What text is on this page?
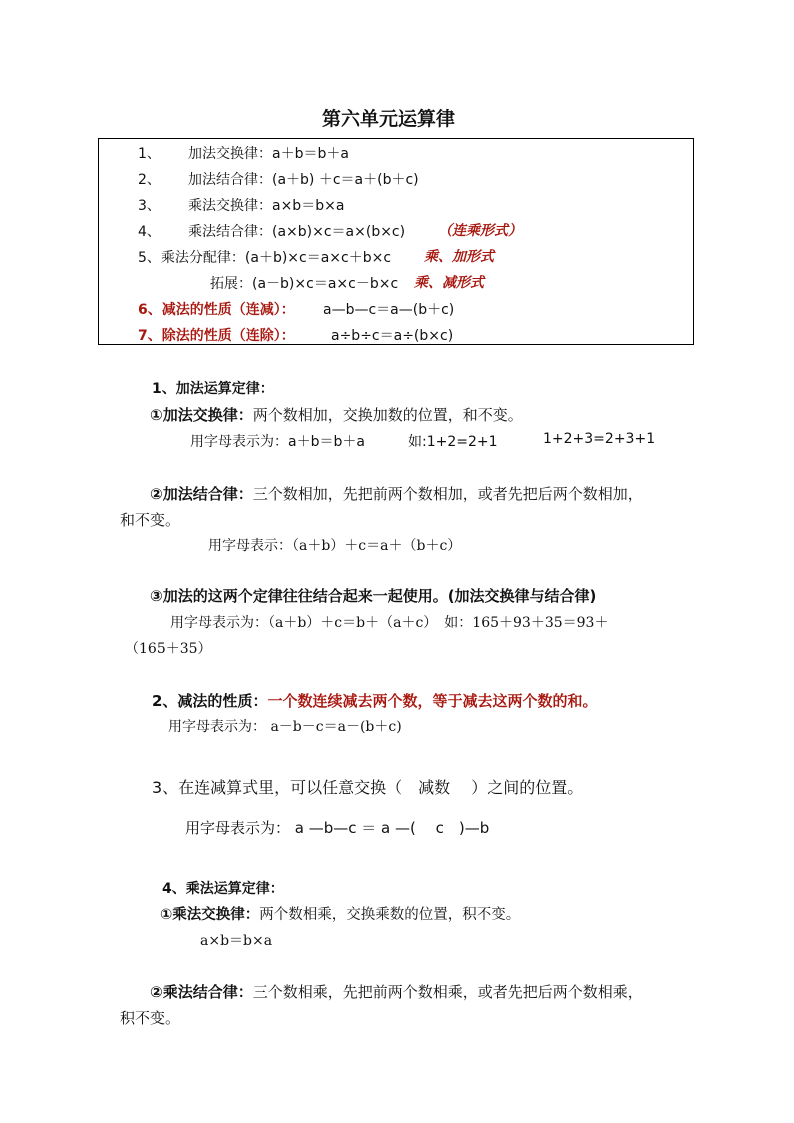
第六单元运算律
1、 加法交换律：a＋b＝b＋a
2、 加法结合律：(a＋b) ＋c＝a＋(b＋c)
3、 乘法交换律：a×b＝b×a
4、 乘法结合律：(a×b)×c＝a×(b×c) （连乘形式）
5、乘法分配律：(a＋b)×c＝a×c＋b×c 乘、加形式
拓展：(a－b)×c＝a×c－b×c 乘、减形式
6、减法的性质（连减）： a—b—c＝a—(b＋c)
7、除法的性质（连除）：	a÷b÷c＝a÷(b×c)
1、加法运算定律：
①加法交换律：两个数相加，交换加数的位置，和不变。
用字母表示为：a＋b＝b＋a	如:1+2=2+1	1+2+3=2+3+1
②加法结合律：三个数相加，先把前两个数相加，或者先把后两个数相加，
和不变。
用字母表示：（a＋b）＋c＝a＋（b＋c）
③加法的这两个定律往往结合起来一起使用。(加法交换律与结合律)
用字母表示为：（a＋b）＋c＝b＋（a＋c）　如：165＋93＋35＝93＋
（165＋35）
2、减法的性质：一个数连续减去两个数，等于减去这两个数的和。
用字母表示为： a－b－c＝a－(b＋c)
3、在连减算式里，可以任意交换（　减数　 ）之间的位置。
用字母表示为： a —b—c ＝ a —(　 c　)—b
4、乘法运算定律：
①乘法交换律：两个数相乘，交换乘数的位置，积不变。
a×b＝b×a
②乘法结合律：三个数相乘，先把前两个数相乘，或者先把后两个数相乘，
积不变。
